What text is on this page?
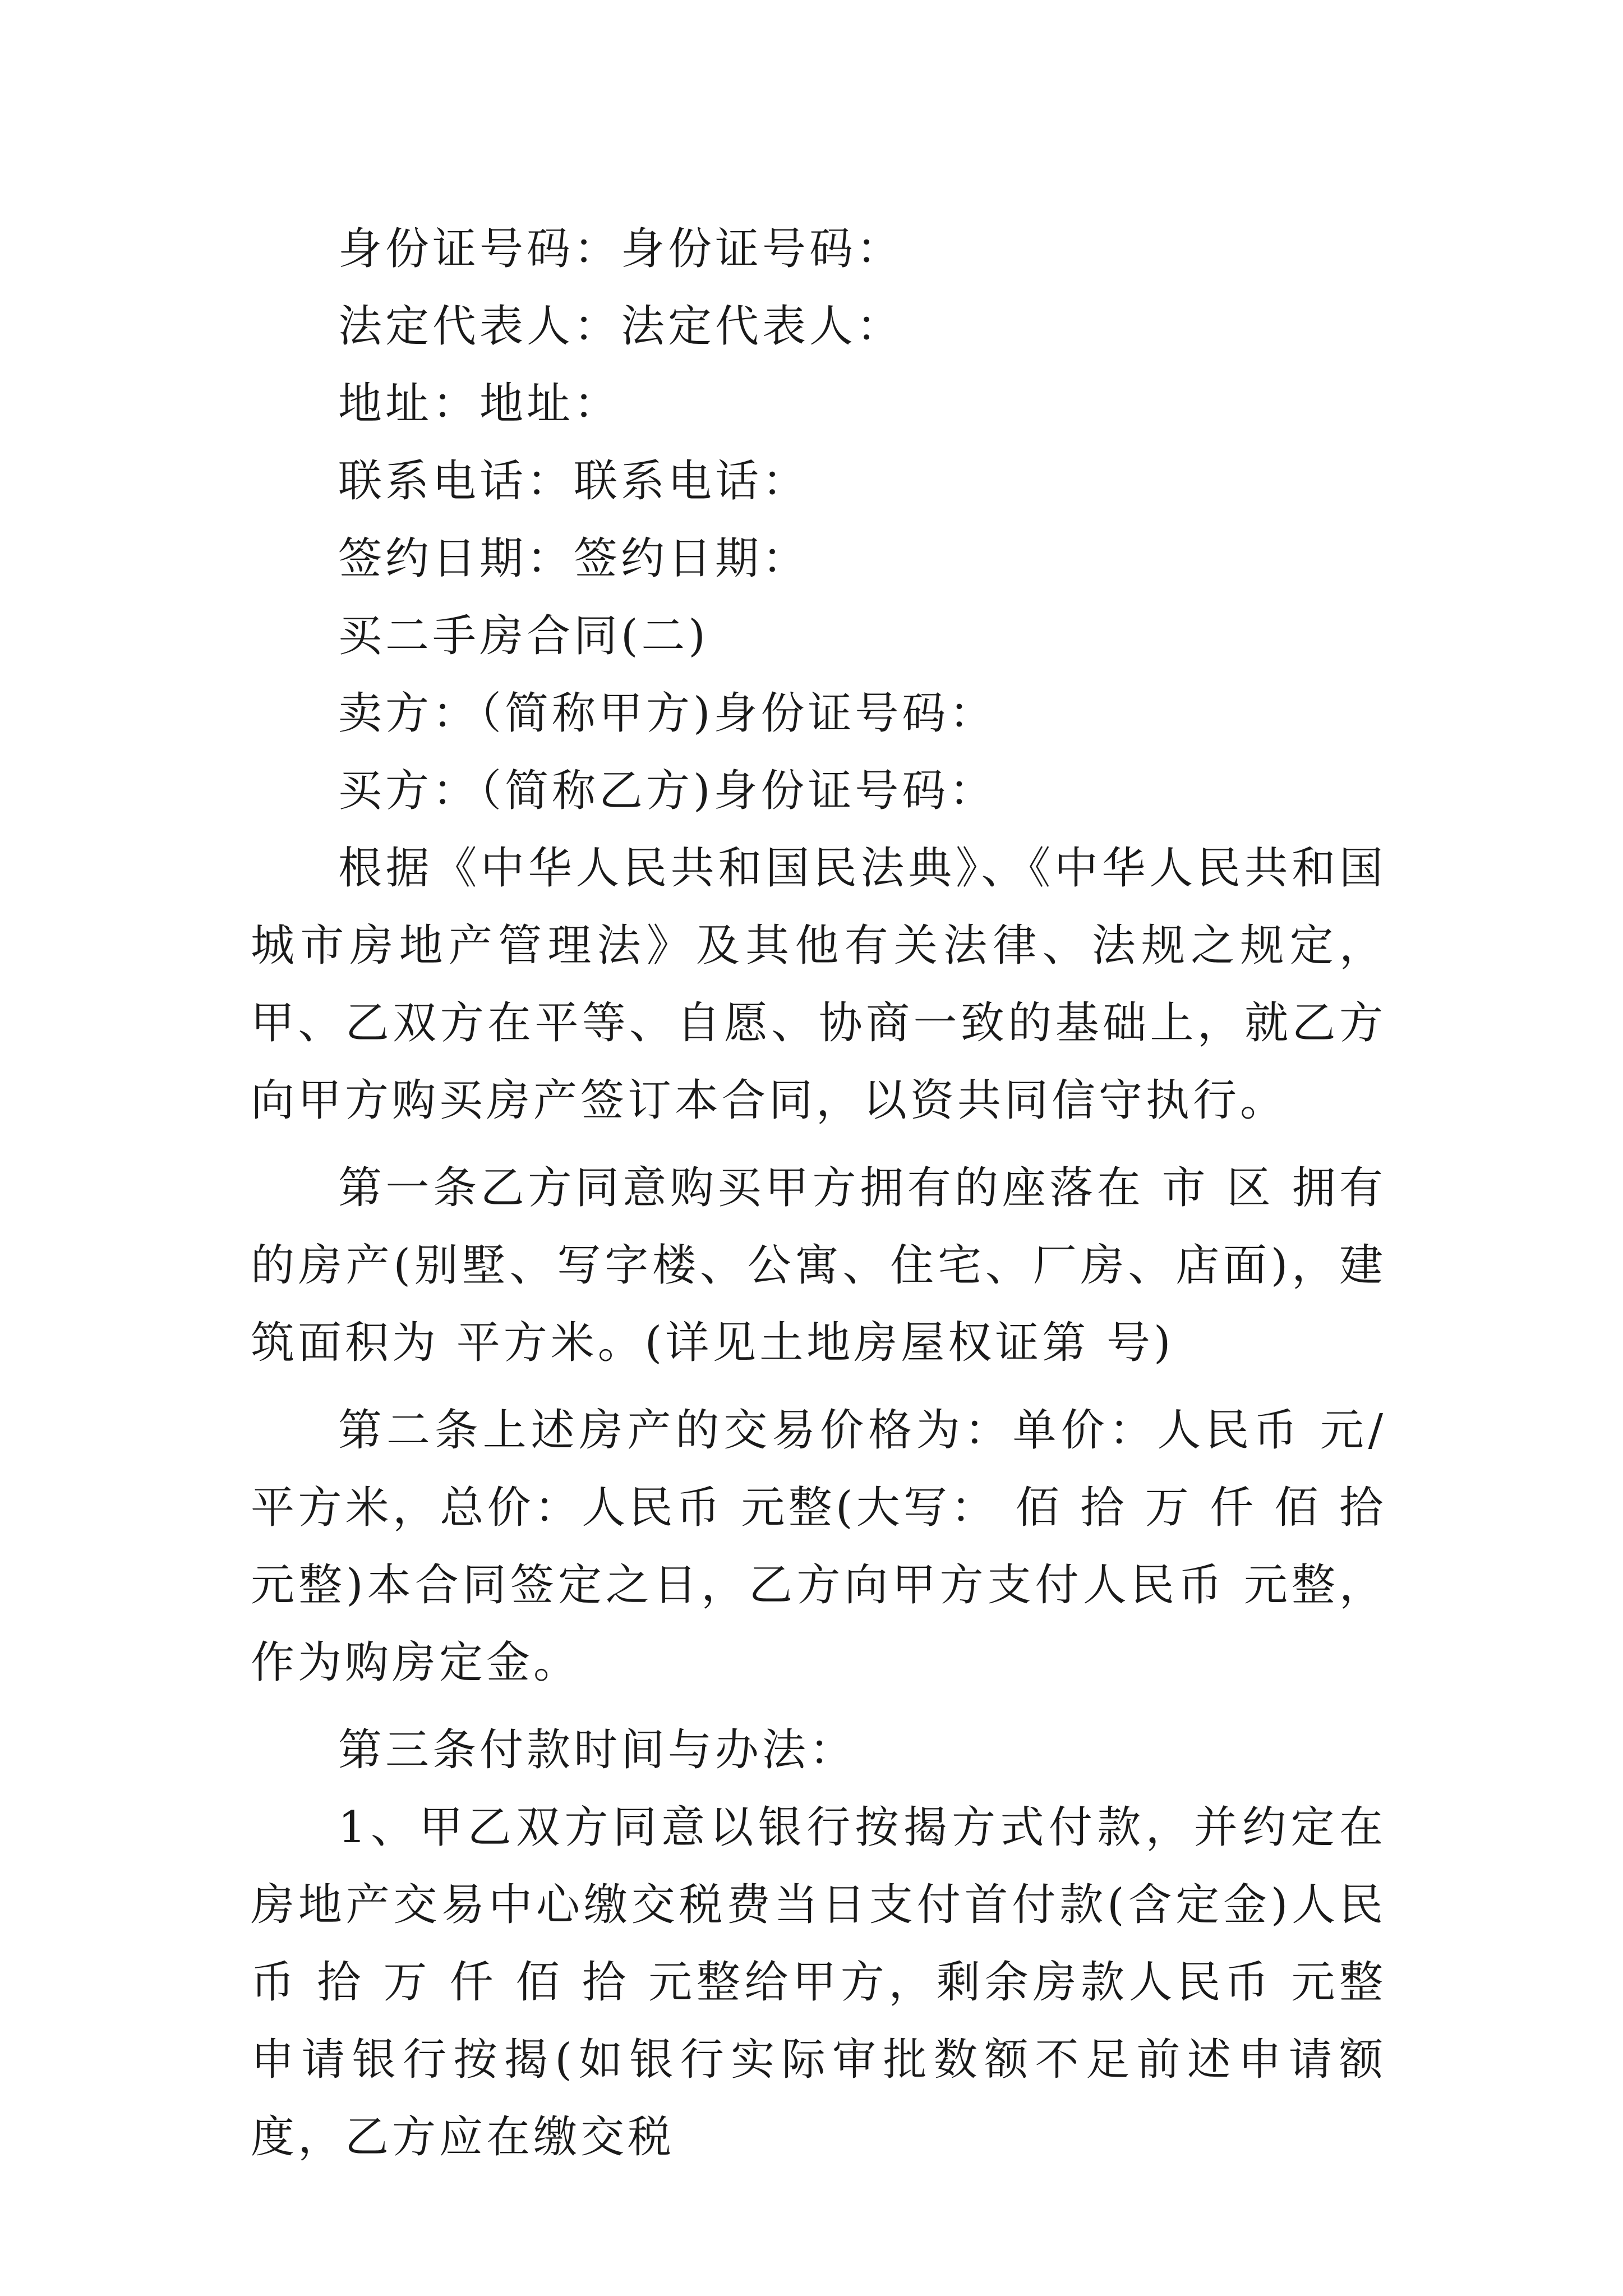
身份证号码：身份证号码：

法定代表人：法定代表人：

地址：地址：

联系电话：联系电话：

签约日期：签约日期：

买二手房合同(二)

卖方：（简称甲方)身份证号码：

买方：（简称乙方)身份证号码：

根据《中华人民共和国民法典》、《中华人民共和国城市房地产管理法》及其他有关法律、法规之规定，甲、乙双方在平等、自愿、协商一致的基础上，就乙方向甲方购买房产签订本合同，以资共同信守执行。

第一条乙方同意购买甲方拥有的座落在 市 区 拥有的房产(别墅、写字楼、公寓、住宅、厂房、店面)，建筑面积为 平方米。(详见土地房屋权证第 号)

第二条上述房产的交易价格为：单价：人民币 元/平方米，总价：人民币 元整(大写： 佰 拾 万 仟 佰 拾 元整)本合同签定之日，乙方向甲方支付人民币 元整，作为购房定金。

第三条付款时间与办法：

1、甲乙双方同意以银行按揭方式付款，并约定在房地产交易中心缴交税费当日支付首付款(含定金)人民币 拾 万 仟 佰 拾 元整给甲方，剩余房款人民币 元整申请银行按揭(如银行实际审批数额不足前述申请额度，乙方应在缴交税
